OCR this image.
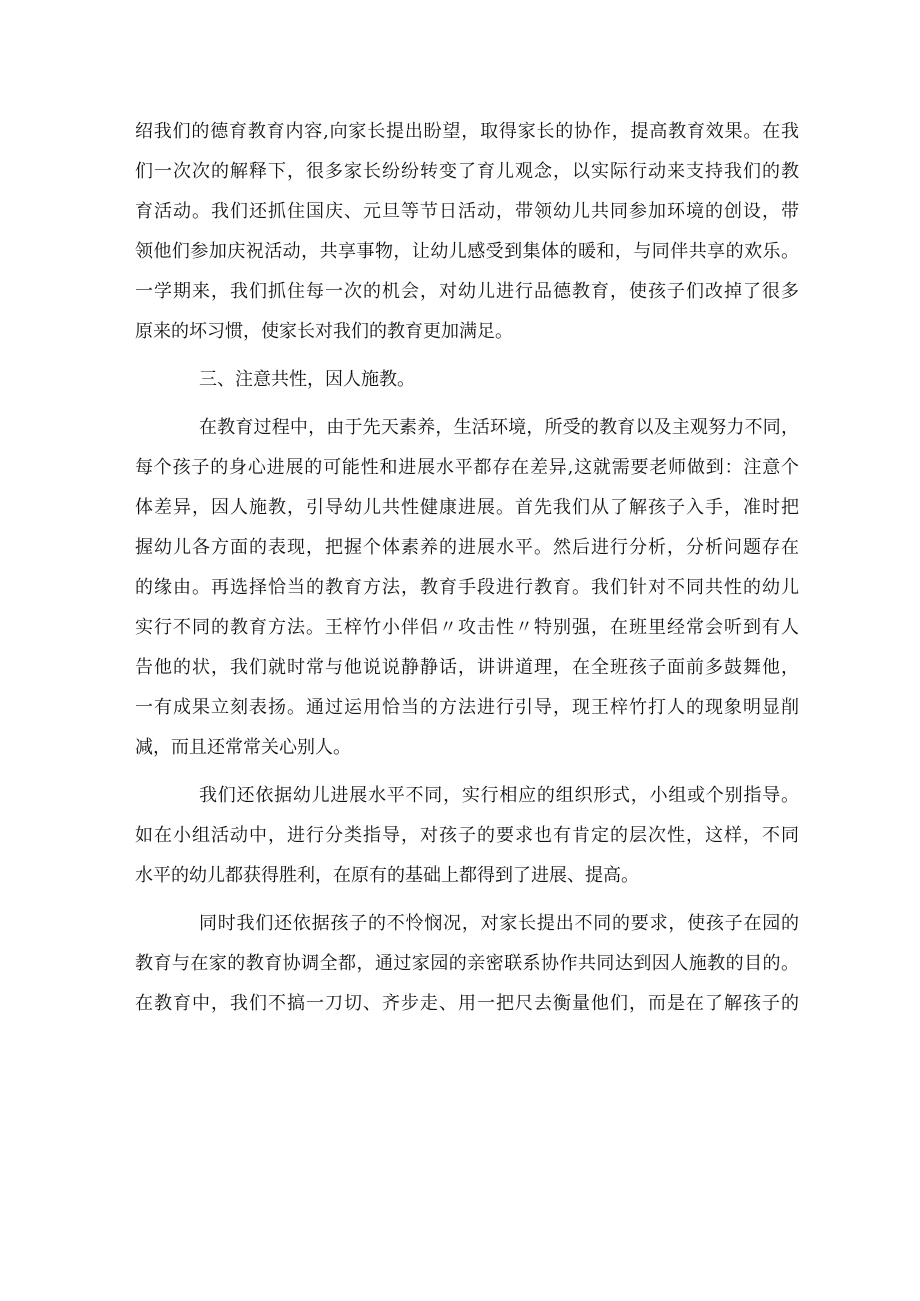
绍我们的德育教育内容,向家长提出盼望，取得家长的协作，提高教育效果。在我
们一次次的解释下，很多家长纷纷转变了育儿观念，以实际行动来支持我们的教
育活动。我们还抓住国庆、元旦等节日活动，带领幼儿共同参加环境的创设，带
领他们参加庆祝活动，共享事物，让幼儿感受到集体的暖和，与同伴共享的欢乐。
一学期来，我们抓住每一次的机会，对幼儿进行品德教育，使孩子们改掉了很多
原来的坏习惯，使家长对我们的教育更加满足。
三、注意共性，因人施教。
在教育过程中，由于先天素养，生活环境，所受的教育以及主观努力不同，
每个孩子的身心进展的可能性和进展水平都存在差异,这就需要老师做到：注意个
体差异，因人施教，引导幼儿共性健康进展。首先我们从了解孩子入手，准时把
握幼儿各方面的表现，把握个体素养的进展水平。然后进行分析，分析问题存在
的缘由。再选择恰当的教育方法，教育手段进行教育。我们针对不同共性的幼儿
实行不同的教育方法。王梓竹小伴侣〃攻击性〃特别强，在班里经常会听到有人
告他的状，我们就时常与他说说静静话，讲讲道理，在全班孩子面前多鼓舞他，
一有成果立刻表扬。通过运用恰当的方法进行引导，现王梓竹打人的现象明显削
减，而且还常常关心别人。
我们还依据幼儿进展水平不同，实行相应的组织形式，小组或个别指导。
如在小组活动中，进行分类指导，对孩子的要求也有肯定的层次性，这样，不同
水平的幼儿都获得胜利，在原有的基础上都得到了进展、提高。
同时我们还依据孩子的不怜悯况，对家长提出不同的要求，使孩子在园的
教育与在家的教育协调全都，通过家园的亲密联系协作共同达到因人施教的目的。
在教育中，我们不搞一刀切、齐步走、用一把尺去衡量他们，而是在了解孩子的
